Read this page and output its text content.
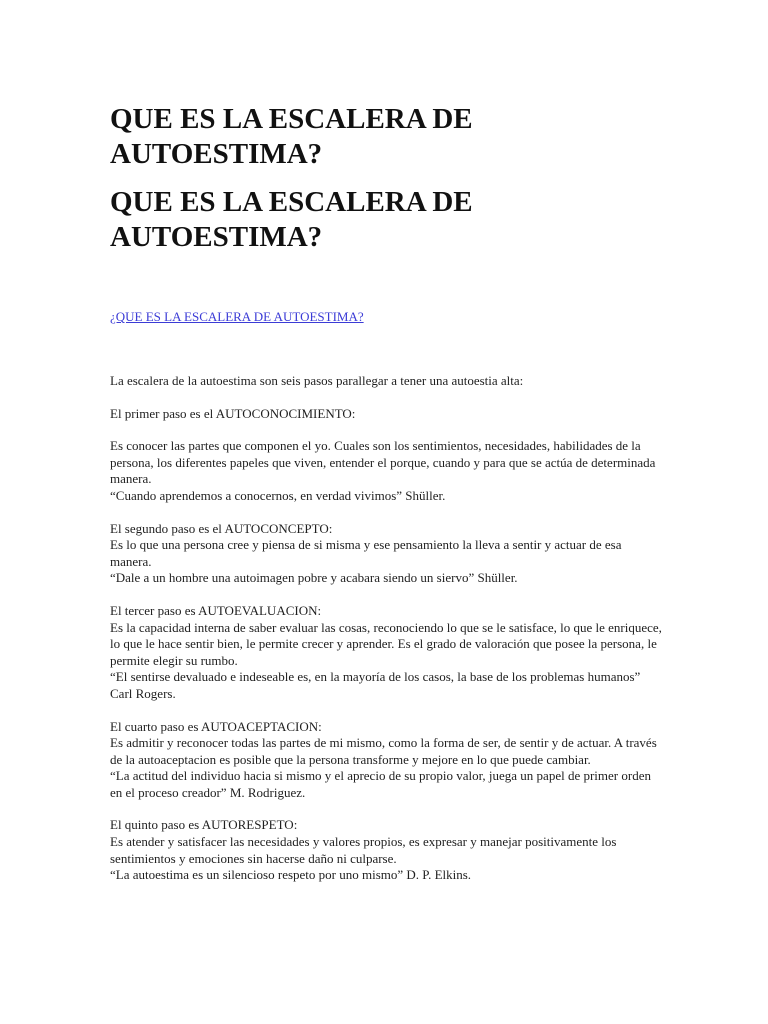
QUE ES LA ESCALERA DE AUTOESTIMA?
QUE ES LA ESCALERA DE AUTOESTIMA?
¿QUE ES LA ESCALERA DE AUTOESTIMA?

La escalera de la autoestima son seis pasos parallegar a tener una autoestia alta:

El primer paso es el AUTOCONOCIMIENTO:

Es conocer las partes que componen el yo. Cuales son los sentimientos, necesidades, habilidades de la persona, los diferentes papeles que viven, entender el porque, cuando y para que se actúa de determinada manera.

“Cuando aprendemos a conocernos, en verdad vivimos” Shüller.

El segundo paso es el AUTOCONCEPTO:

Es lo que una persona cree y piensa de si misma y ese pensamiento la lleva a sentir y actuar de esa manera.

“Dale a un hombre una autoimagen pobre y acabara siendo un siervo” Shüller.

El tercer paso es AUTOEVALUACION:

Es la capacidad interna de saber evaluar las cosas, reconociendo lo que se le satisface, lo que le enriquece, lo que le hace sentir bien, le permite crecer y aprender. Es el grado de valoración que posee la persona, le permite elegir su rumbo.

“El sentirse devaluado e indeseable es, en la mayoría de los casos, la base de los problemas humanos” Carl Rogers.

El cuarto paso es AUTOACEPTACION:

Es admitir y reconocer todas las partes de mi mismo, como la forma de ser, de sentir y de actuar. A través de la autoaceptacion es posible que la persona transforme y mejore en lo que puede cambiar.

“La actitud del individuo hacia si mismo y el aprecio de su propio valor, juega un papel de primer orden en el proceso creador” M. Rodriguez.

El quinto paso es AUTORESPETO:

Es atender y satisfacer las necesidades y valores propios, es expresar y manejar positivamente los sentimientos y emociones sin hacerse daño ni culparse.

“La autoestima es un silencioso respeto por uno mismo” D. P. Elkins.
